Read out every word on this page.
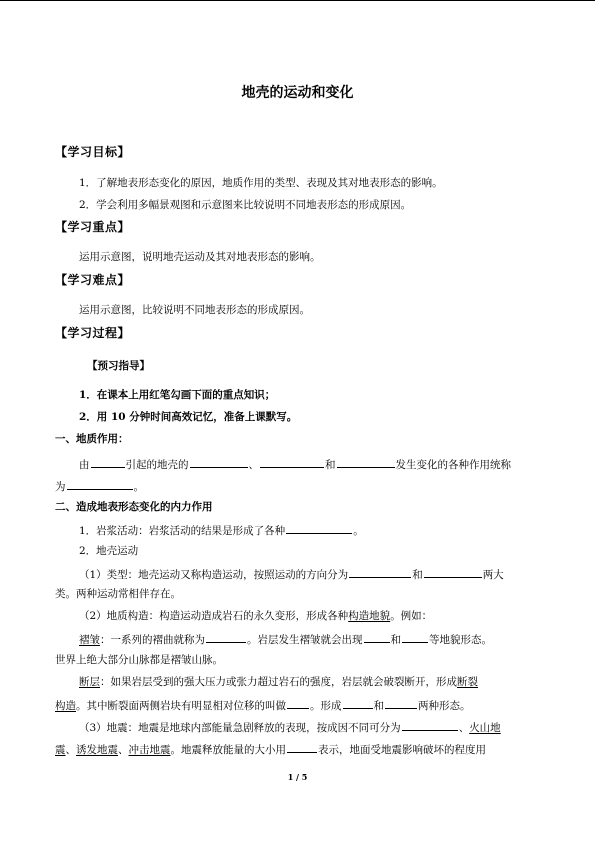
地壳的运动和变化
【学习目标】
1．了解地表形态变化的原因，地质作用的类型、表现及其对地表形态的影响。
2．学会利用多幅景观图和示意图来比较说明不同地表形态的形成原因。
【学习重点】
运用示意图，说明地壳运动及其对地表形态的影响。
【学习难点】
运用示意图，比较说明不同地表形态的形成原因。
【学习过程】
【预习指导】
1．在课本上用红笔勾画下面的重点知识；
2．用 10 分钟时间高效记忆，准备上课默写。
一、地质作用：
由	引起的地壳的	、	和	发生变化的各种作用统称
为	。
二、造成地表形态变化的内力作用
1．岩浆活动：岩浆活动的结果是形成了各种	。
2．地壳运动
（1）类型：地壳运动又称构造运动，按照运动的方向分为	和	两大
类。两种运动常相伴存在。
（2）地质构造：构造运动造成岩石的永久变形，形成各种构造地貌。例如：
褶皱：一系列的褶曲就称为	。岩层发生褶皱就会出现	和	等地貌形态。
世界上绝大部分山脉都是褶皱山脉。
断层：如果岩层受到的强大压力或张力超过岩石的强度，岩层就会破裂断开，形成断裂
构造。其中断裂面两侧岩块有明显相对位移的叫做 。形成	和	两种形态。
（3）地震：地震是地球内部能量急剧释放的表现，按成因不同可分为	、火山地
震、诱发地震、冲击地震。地震释放能量的大小用	表示，地面受地震影响破坏的程度用
1 / 5
